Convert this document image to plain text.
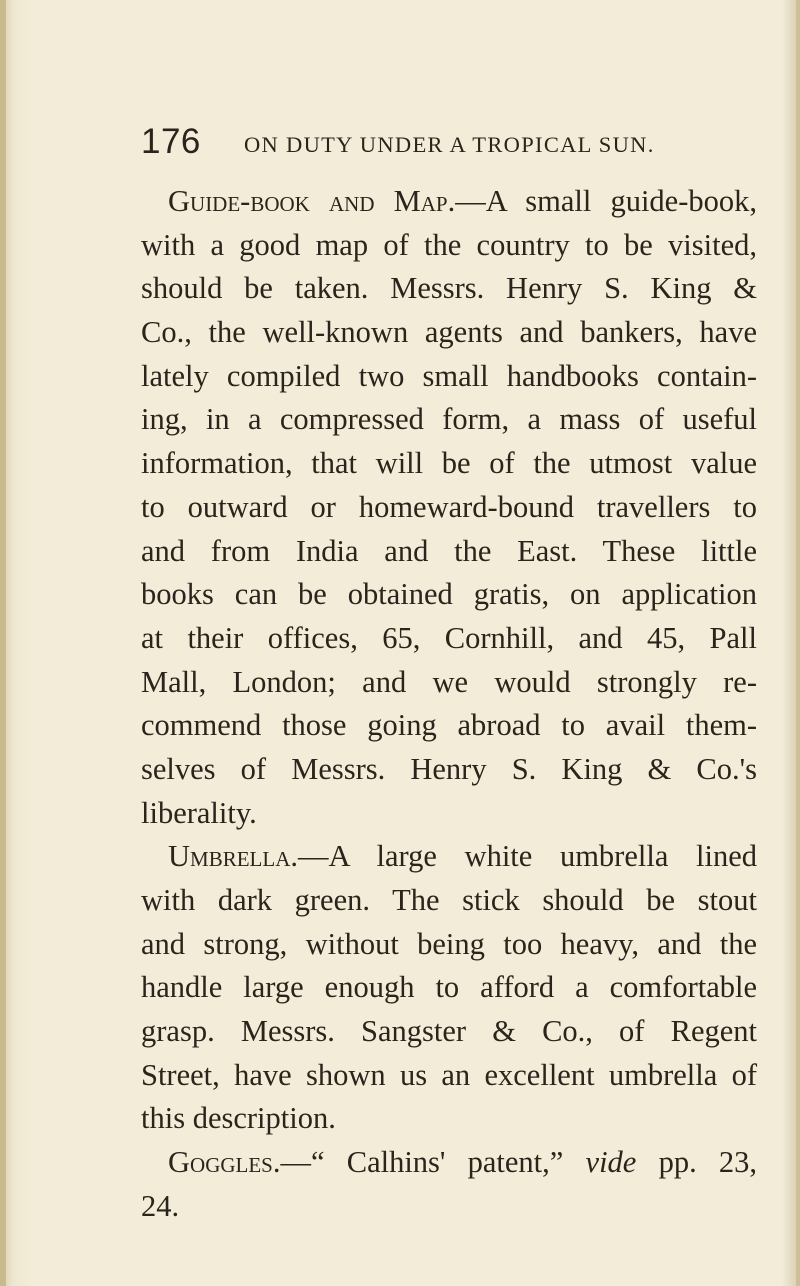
176 ON DUTY UNDER A TROPICAL SUN.
Guide-book and Map.—A small guide-book,
with a good map of the country to be visited,
should be taken. Messrs. Henry S. King &
Co., the well-known agents and bankers, have
lately compiled two small handbooks contain-
ing, in a compressed form, a mass of useful
information, that will be of the utmost value
to outward or homeward-bound travellers to
and from India and the East. These little
books can be obtained gratis, on application
at their offices, 65, Cornhill, and 45, Pall
Mall, London; and we would strongly re-
commend those going abroad to avail them-
selves of Messrs. Henry S. King & Co.'s
liberality.
Umbrella.—A large white umbrella lined
with dark green. The stick should be stout
and strong, without being too heavy, and the
handle large enough to afford a comfortable
grasp. Messrs. Sangster & Co., of Regent
Street, have shown us an excellent umbrella of
this description.
Goggles.—“ Calhins' patent,” vide pp. 23,
24.
